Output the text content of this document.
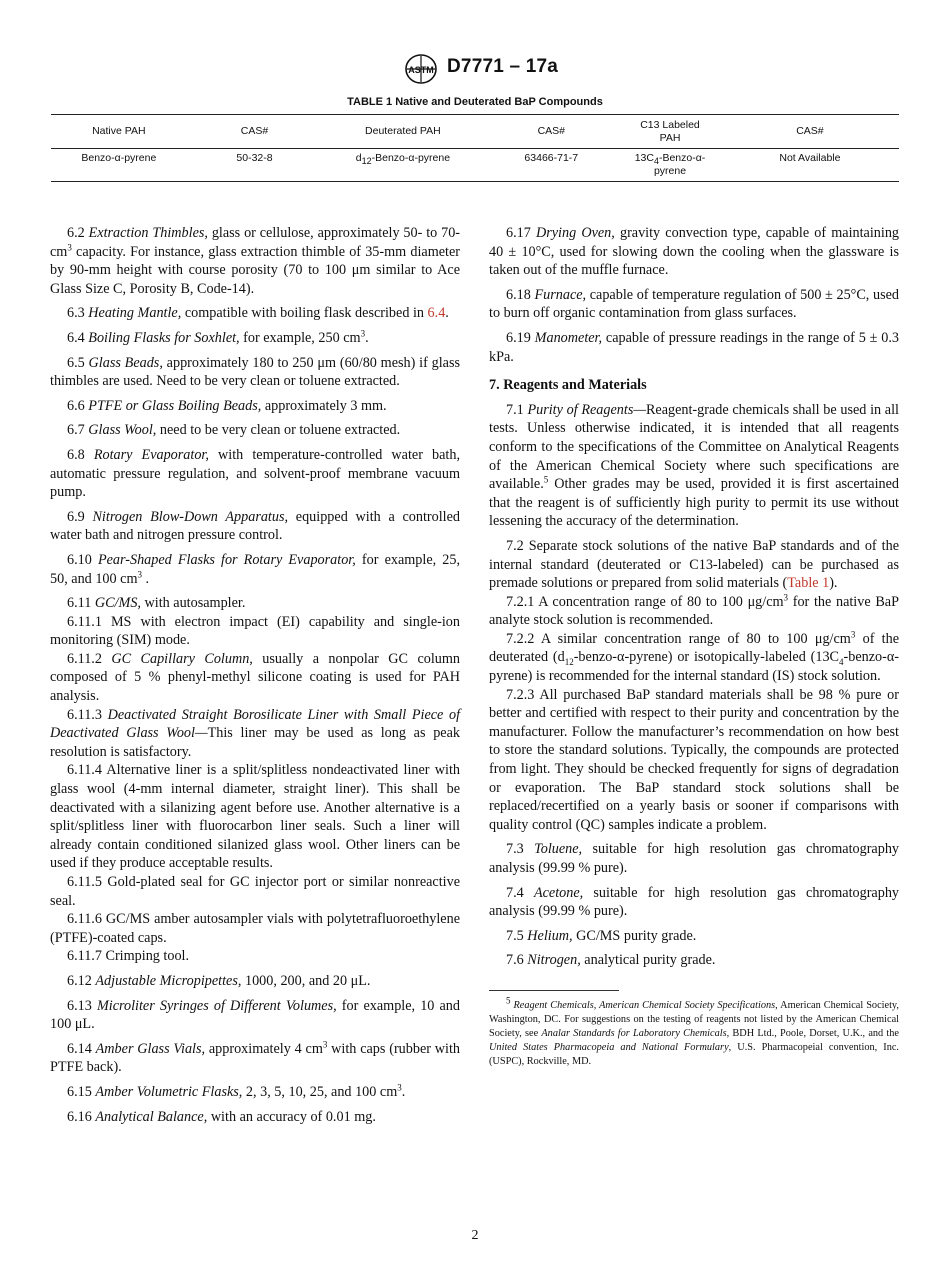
ASTM D7771 – 17a
TABLE 1 Native and Deuterated BaP Compounds
Native PAH	CAS#	Deuterated PAH	CAS#	C13 Labeled PAH	CAS#
Benzo-α-pyrene	50-32-8	$d_{12}-Benzo-\alpha$-pyrene	63466-71-7	$13C_4-Benzo-\alpha$-pyrene	Not Available

6.2 Extraction Thimbles, glass or cellulose, approximately 50- to $70-cm^3$ capacity. For instance, glass extraction thimble of 35-mm diameter by 90-mm height with course porosity (70 to 100 μm similar to Ace Glass Size C, Porosity B, Code-14).

6.3 Heating Mantle, compatible with boiling flask described in 6.4.

6.4 Boiling Flasks for Soxhlet, for example, 250 $cm^3$.

6.5 Glass Beads, approximately 180 to 250 μm (60/80 mesh) if glass thimbles are used. Need to be very clean or toluene extracted.

6.6 PTFE or Glass Boiling Beads, approximately 3 mm.

6.7 Glass Wool, need to be very clean or toluene extracted.

6.8 Rotary Evaporator, with temperature-controlled water bath, automatic pressure regulation, and solvent-proof membrane vacuum pump.

6.9 Nitrogen Blow-Down Apparatus, equipped with a controlled water bath and nitrogen pressure control.

6.10 Pear-Shaped Flasks for Rotary Evaporator, for example, 25, 50, and 100 $cm^3$ .

6.11 GC/MS, with autosampler.

6.11.1 MS with electron impact (EI) capability and single-ion monitoring (SIM) mode.

6.11.2 GC Capillary Column, usually a nonpolar GC column composed of 5 % phenyl-methyl silicone coating is used for PAH analysis.

6.11.3 Deactivated Straight Borosilicate Liner with Small Piece of Deactivated Glass Wool—This liner may be used as long as peak resolution is satisfactory.

6.11.4 Alternative liner is a split/splitless nondeactivated liner with glass wool (4-mm internal diameter, straight liner). This shall be deactivated with a silanizing agent before use. Another alternative is a split/splitless liner with fluorocarbon liner seals. Such a liner will already contain conditioned silanized glass wool. Other liners can be used if they produce acceptable results.

6.11.5 Gold-plated seal for GC injector port or similar nonreactive seal.

6.11.6 GC/MS amber autosampler vials with polytetrafluoroethylene (PTFE)-coated caps.

6.11.7 Crimping tool.

6.12 Adjustable Micropipettes, 1000, 200, and 20 μL.

6.13 Microliter Syringes of Different Volumes, for example, 10 and 100 μL.

6.14 Amber Glass Vials, approximately 4 $cm^3$ with caps (rubber with PTFE back).

6.15 Amber Volumetric Flasks, 2, 3, 5, 10, 25, and 100 $cm^3$.

6.16 Analytical Balance, with an accuracy of 0.01 mg.

6.17 Drying Oven, gravity convection type, capable of maintaining 40 ± 10°C, used for slowing down the cooling when the glassware is taken out of the muffle furnace.

6.18 Furnace, capable of temperature regulation of 500 ± 25°C, used to burn off organic contamination from glass surfaces.

6.19 Manometer, capable of pressure readings in the range of 5 ± 0.3 kPa.

7. Reagents and Materials

7.1 Purity of Reagents—Reagent-grade chemicals shall be used in all tests. Unless otherwise indicated, it is intended that all reagents conform to the specifications of the Committee on Analytical Reagents of the American Chemical Society where such specifications are available.$^5$ Other grades may be used, provided it is first ascertained that the reagent is of sufficiently high purity to permit its use without lessening the accuracy of the determination.

7.2 Separate stock solutions of the native BaP standards and of the internal standard (deuterated or C13-labeled) can be purchased as premade solutions or prepared from solid materials (Table 1).

7.2.1 A concentration range of 80 to 100 $\mu g/cm^3$ for the native BaP analyte stock solution is recommended.

7.2.2 A similar concentration range of 80 to 100 $\mu g/cm^3$ of the deuterated $(d_{12}-benzo-\alpha-pyrene)$ or isotopically-labeled $(13C_4-benzo-\alpha-pyrene)$ is recommended for the internal standard (IS) stock solution.

7.2.3 All purchased BaP standard materials shall be 98 % pure or better and certified with respect to their purity and concentration by the manufacturer. Follow the manufacturer’s recommendation on how best to store the standard solutions. Typically, the compounds are protected from light. They should be checked frequently for signs of degradation or evaporation. The BaP standard stock solutions shall be replaced/recertified on a yearly basis or sooner if comparisons with quality control (QC) samples indicate a problem.

7.3 Toluene, suitable for high resolution gas chromatography analysis (99.99 % pure).

7.4 Acetone, suitable for high resolution gas chromatography analysis (99.99 % pure).

7.5 Helium, GC/MS purity grade.

7.6 Nitrogen, analytical purity grade.

$^5$ Reagent Chemicals, American Chemical Society Specifications, American Chemical Society, Washington, DC. For suggestions on the testing of reagents not listed by the American Chemical Society, see Analar Standards for Laboratory Chemicals, BDH Ltd., Poole, Dorset, U.K., and the United States Pharmacopeia and National Formulary, U.S. Pharmacopeial convention, Inc. (USPC), Rockville, MD.

2
